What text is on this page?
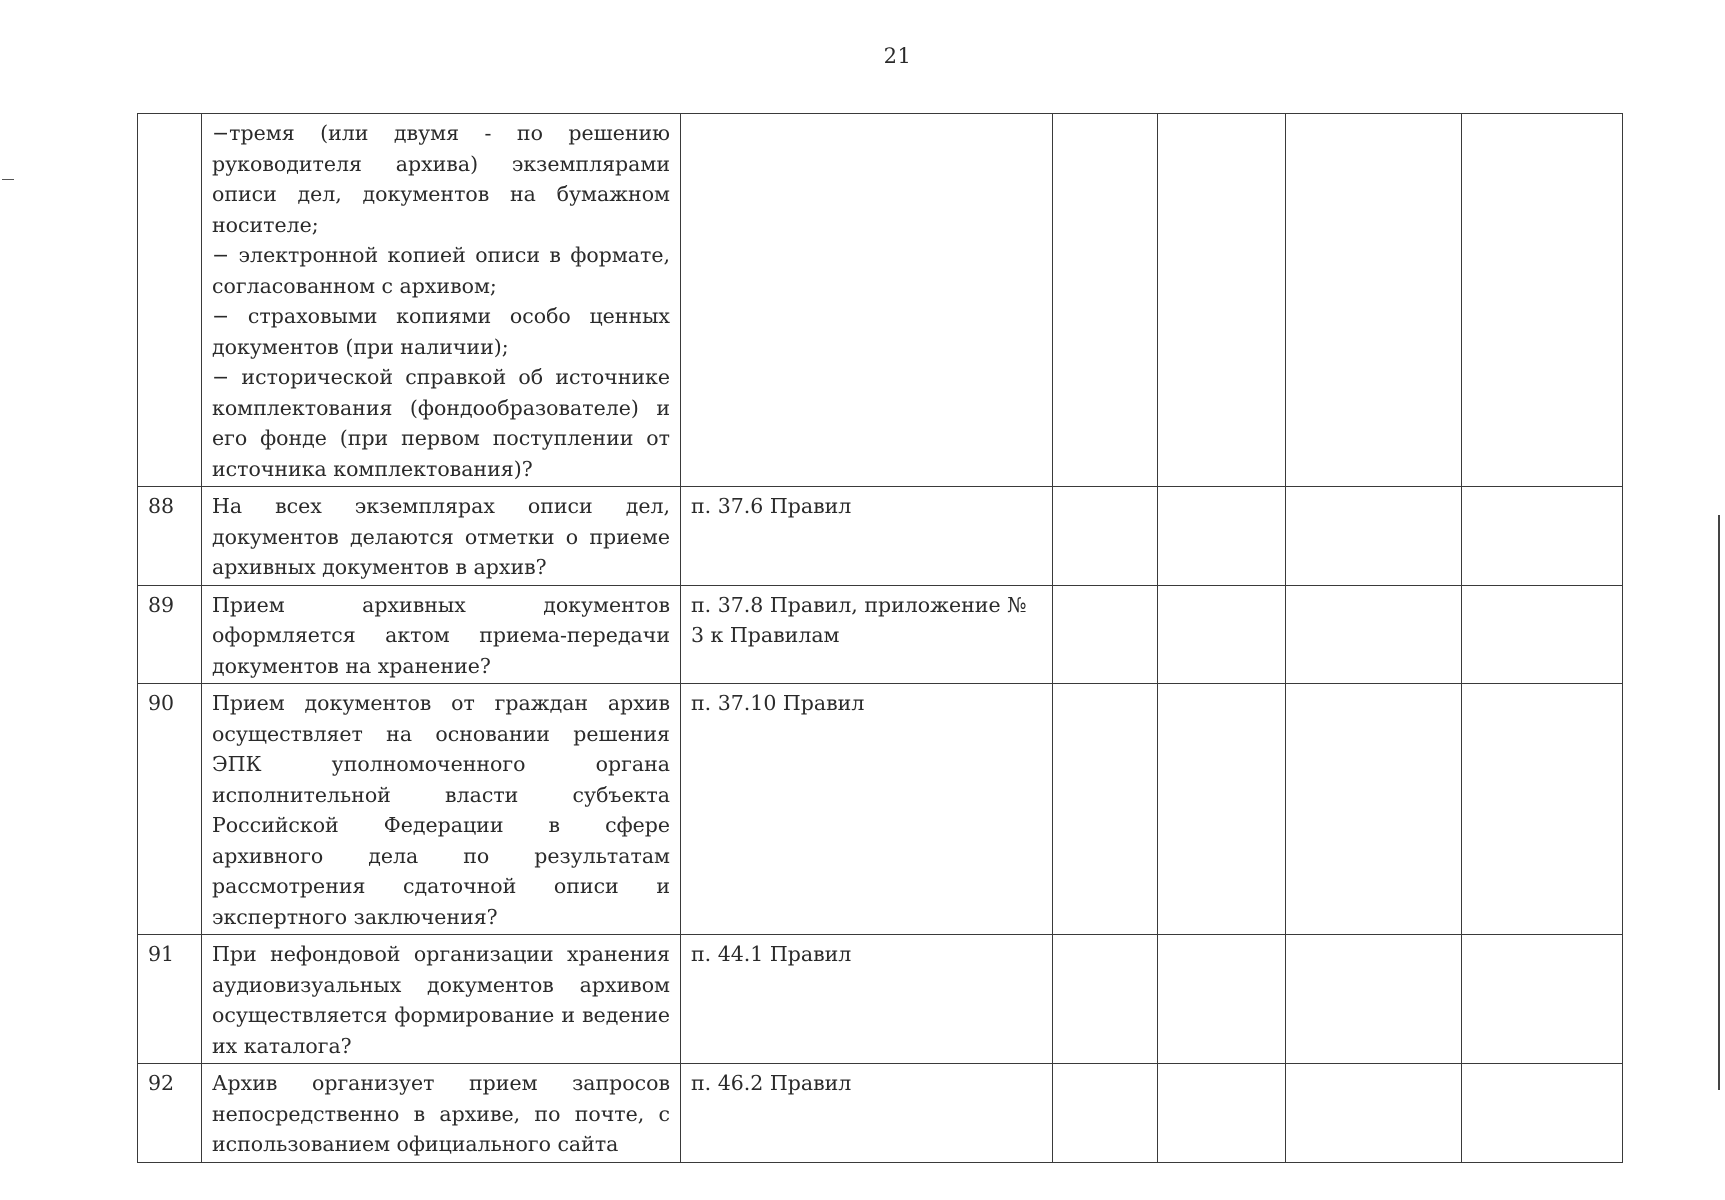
21

	−тремя (или двумя - по решению руководителя архива) экземплярами описи дел, документов на бумажном носителе;
− электронной копией описи в формате, согласованном с архивом;
− страховыми копиями особо ценных документов (при наличии);
− исторической справкой об источнике комплектования (фондообразователе) и его фонде (при первом поступлении от источника комплектования)?					

88	На всех экземплярах описи дел, документов делаются отметки о приеме архивных документов в архив?	п. 37.6 Правил				
89	Прием архивных документов оформляется актом приема-передачи документов на хранение?	п. 37.8 Правил, приложение № 3 к Правилам				
90	Прием документов от граждан архив осуществляет на основании решения ЭПК уполномоченного органа исполнительной власти субъекта Российской Федерации в сфере архивного дела по результатам рассмотрения сдаточной описи и экспертного заключения?	п. 37.10 Правил				
91	При нефондовой организации хранения аудиовизуальных документов архивом осуществляется формирование и ведение их каталога?	п. 44.1 Правил				
92	Архив организует прием запросов непосредственно в архиве, по почте, с использованием официального сайта	п. 46.2 Правил				
